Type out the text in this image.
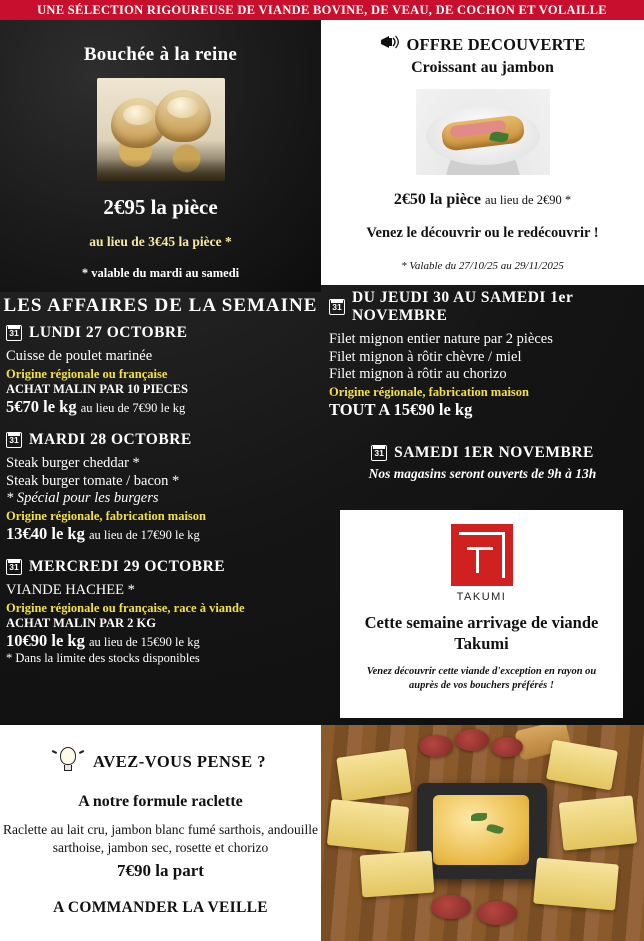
UNE SÉLECTION RIGOUREUSE DE VIANDE BOVINE, DE VEAU, DE COCHON ET VOLAILLE
Bouchée à la reine
2€95 la pièce
au lieu de 3€45 la pièce *
* valable du mardi au samedi
OFFRE DECOUVERTE
Croissant au jambon
2€50 la pièce au lieu de 2€90 *
Venez le découvrir ou le redécouvrir !
* Valable du 27/10/25 au 29/11/2025
LES AFFAIRES DE LA SEMAINE
31
LUNDI 27 OCTOBRE
Cuisse de poulet marinée
Origine régionale ou française
ACHAT MALIN PAR 10 PIECES
5€70 le kg au lieu de 7€90 le kg
31
MARDI 28 OCTOBRE
Steak burger cheddar *
Steak burger tomate / bacon *
* Spécial pour les burgers
Origine régionale, fabrication maison
13€40 le kg au lieu de 17€90 le kg
31
MERCREDI 29 OCTOBRE
VIANDE HACHEE *
Origine régionale ou française, race à viande
ACHAT MALIN PAR 2 KG
10€90 le kg au lieu de 15€90 le kg
* Dans la limite des stocks disponibles
31
DU JEUDI 30 AU SAMEDI 1er NOVEMBRE
Filet mignon entier nature par 2 pièces
Filet mignon à rôtir chèvre / miel
Filet mignon à rôtir au chorizo
Origine régionale, fabrication maison
TOUT A 15€90 le kg
31
SAMEDI 1ER NOVEMBRE
Nos magasins seront ouverts de 9h à 13h
TAKUMI
Cette semaine arrivage de viande Takumi
Venez découvrir cette viande d'exception en rayon ou auprès de vos bouchers préférés !
AVEZ-VOUS PENSE ?
A notre formule raclette
Raclette au lait cru, jambon blanc fumé sarthois, andouille sarthoise, jambon sec, rosette et chorizo
7€90 la part
A COMMANDER LA VEILLE
